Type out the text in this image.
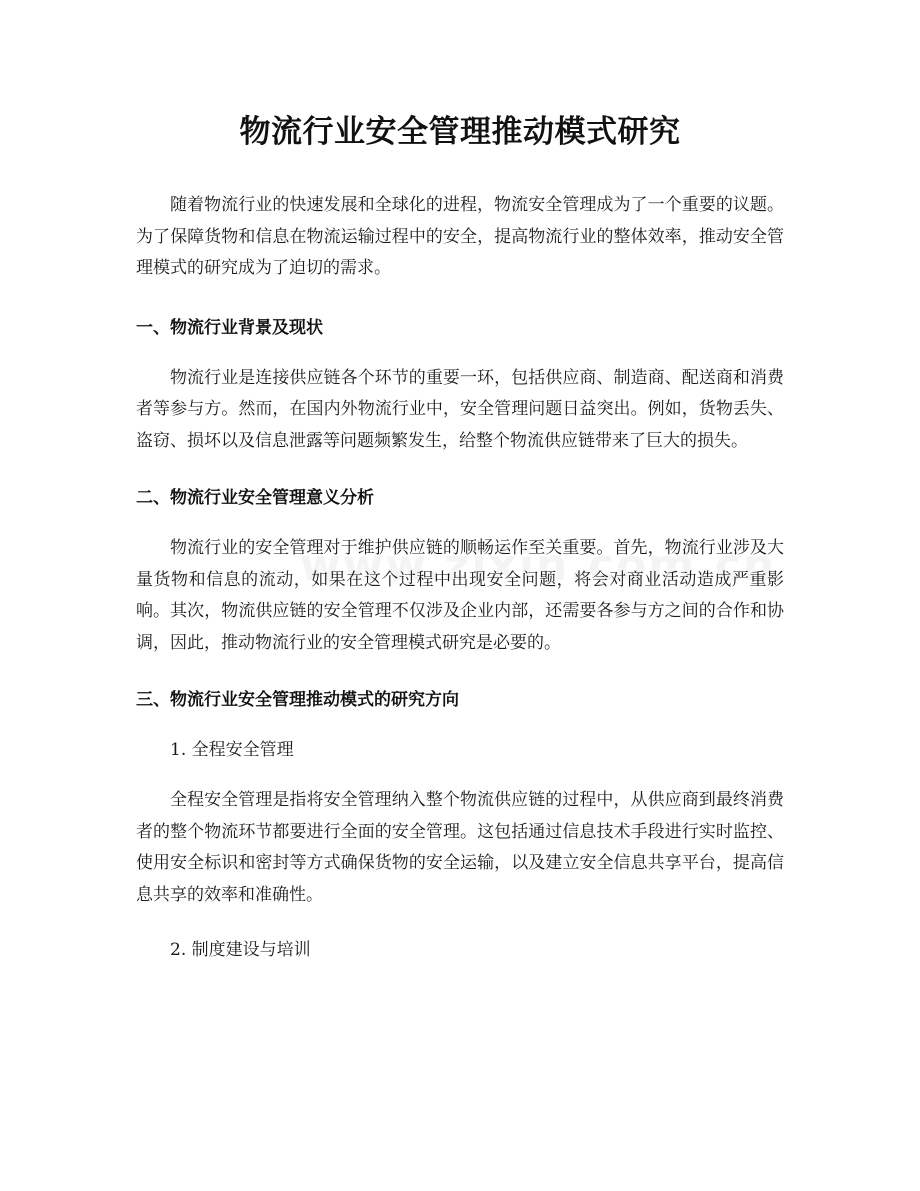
物流行业安全管理推动模式研究

随着物流行业的快速发展和全球化的进程，物流安全管理成为了一个重要的议题。为了保障货物和信息在物流运输过程中的安全，提高物流行业的整体效率，推动安全管理模式的研究成为了迫切的需求。

一、物流行业背景及现状

物流行业是连接供应链各个环节的重要一环，包括供应商、制造商、配送商和消费者等参与方。然而，在国内外物流行业中，安全管理问题日益突出。例如，货物丢失、盗窃、损坏以及信息泄露等问题频繁发生，给整个物流供应链带来了巨大的损失。

二、物流行业安全管理意义分析

物流行业的安全管理对于维护供应链的顺畅运作至关重要。首先，物流行业涉及大量货物和信息的流动，如果在这个过程中出现安全问题，将会对商业活动造成严重影响。其次，物流供应链的安全管理不仅涉及企业内部，还需要各参与方之间的合作和协调，因此，推动物流行业的安全管理模式研究是必要的。

三、物流行业安全管理推动模式的研究方向

1. 全程安全管理

全程安全管理是指将安全管理纳入整个物流供应链的过程中，从供应商到最终消费者的整个物流环节都要进行全面的安全管理。这包括通过信息技术手段进行实时监控、使用安全标识和密封等方式确保货物的安全运输，以及建立安全信息共享平台，提高信息共享的效率和准确性。

2. 制度建设与培训
